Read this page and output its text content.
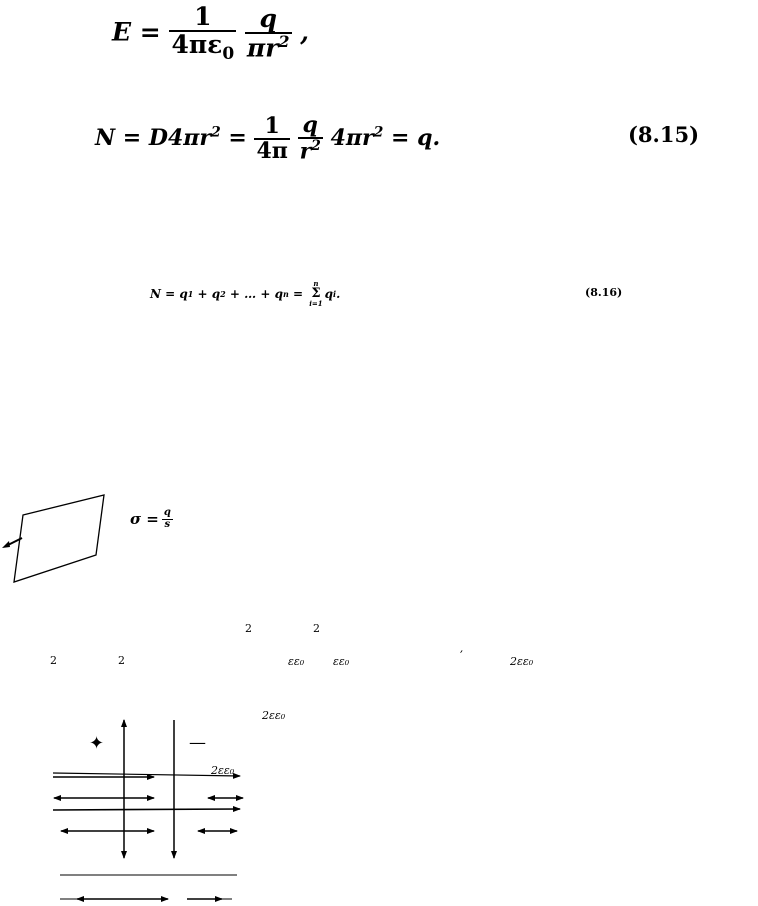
$E = \frac{1}{4\pi\varepsilon_0}$
$\frac{q}{\pi r^2}$ ,
$N = D4\pi r^2 = \frac{1}{4\pi}$
$\frac{q}{r^2} 4\pi r^2 = q$.	(8.15)
N = q 1 + q 2 + … + q n =
n
Σ
i=1
q i .	(8.16)
$\sigma = \frac{q}{s}$
2	2
2	2	εε₀	εε₀	′	2εε₀
2εε₀
✦	—
2εε₀
